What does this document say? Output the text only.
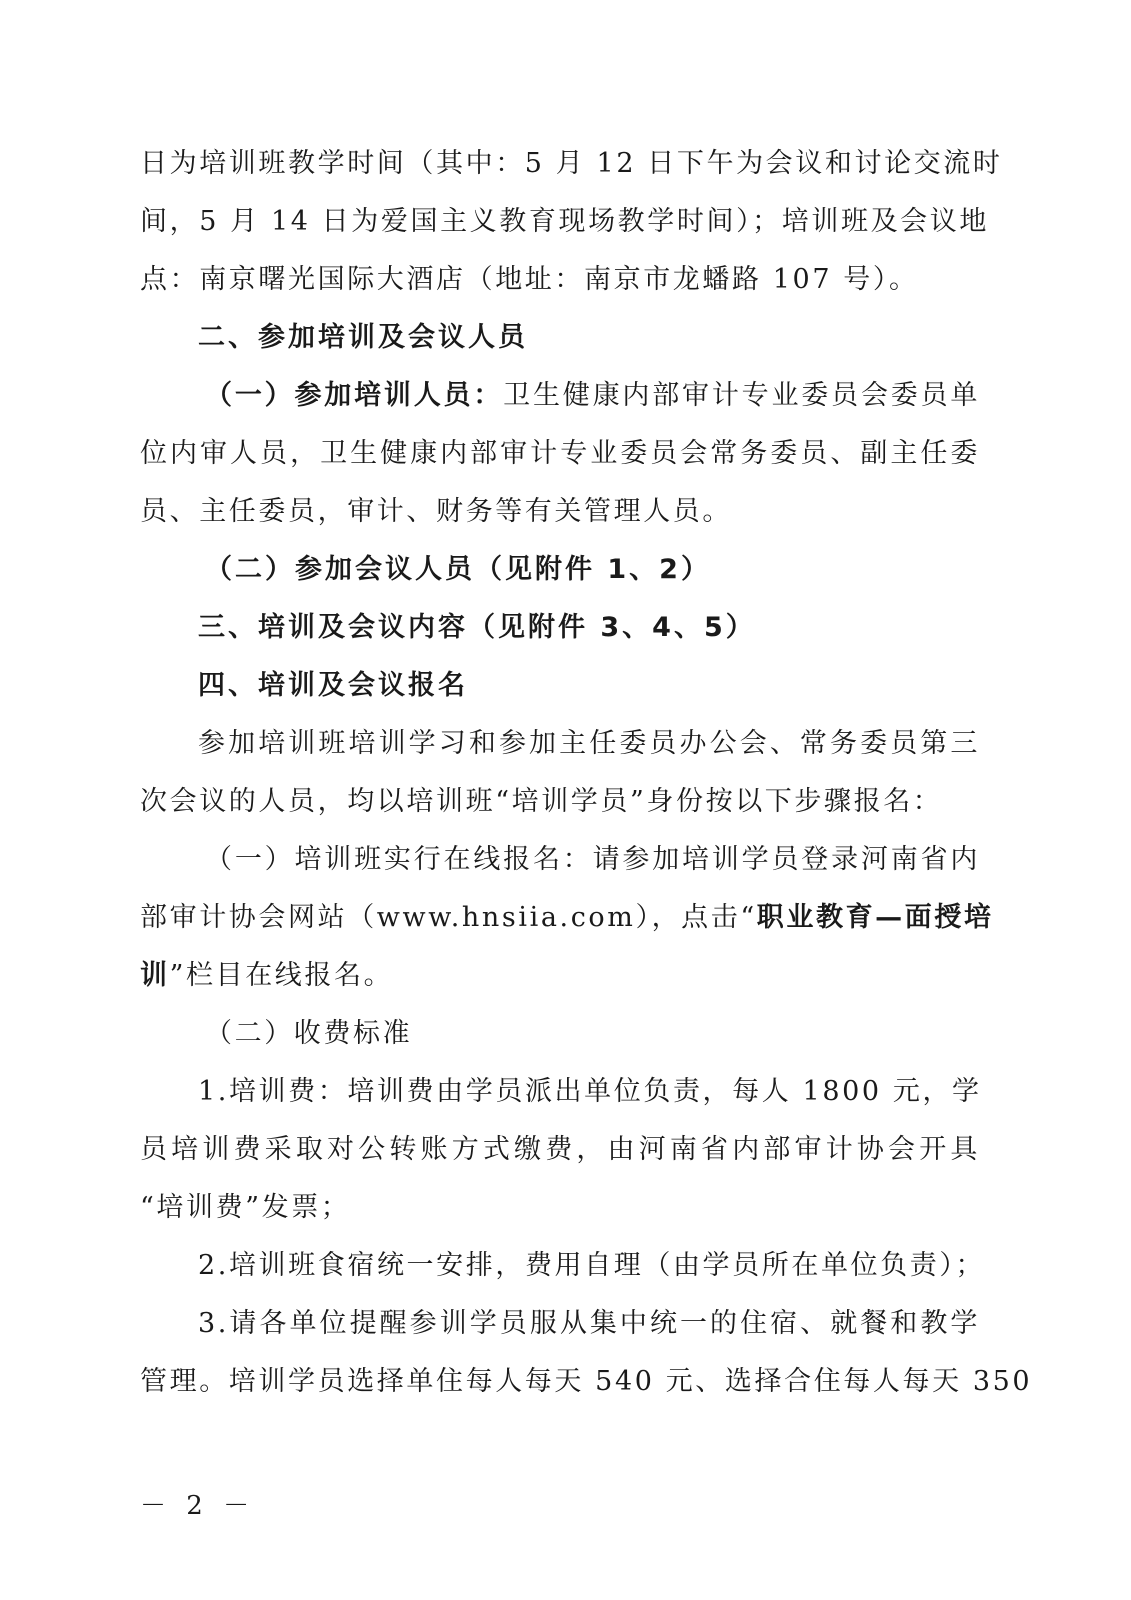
日为培训班教学时间（其中：5 月 12 日下午为会议和讨论交流时
间，5 月 14 日为爱国主义教育现场教学时间）；培训班及会议地
点：南京曙光国际大酒店（地址：南京市龙蟠路 107 号）。
二、参加培训及会议人员
（一）参加培训人员：卫生健康内部审计专业委员会委员单
位内审人员，卫生健康内部审计专业委员会常务委员、副主任委
员、主任委员，审计、财务等有关管理人员。
（二）参加会议人员（见附件 1、2）
三、培训及会议内容（见附件 3、4、5）
四、培训及会议报名
参加培训班培训学习和参加主任委员办公会、常务委员第三
次会议的人员，均以培训班“培训学员”身份按以下步骤报名：
（一）培训班实行在线报名：请参加培训学员登录河南省内
部审计协会网站（www.hnsiia.com），点击“职业教育—面授培
训”栏目在线报名。
（二）收费标准
1.培训费：培训费由学员派出单位负责，每人 1800 元，学
员培训费采取对公转账方式缴费，由河南省内部审计协会开具
“培训费”发票；
2.培训班食宿统一安排，费用自理（由学员所在单位负责）；
3.请各单位提醒参训学员服从集中统一的住宿、就餐和教学
管理。培训学员选择单住每人每天 540 元、选择合住每人每天 350
－ 2 －
